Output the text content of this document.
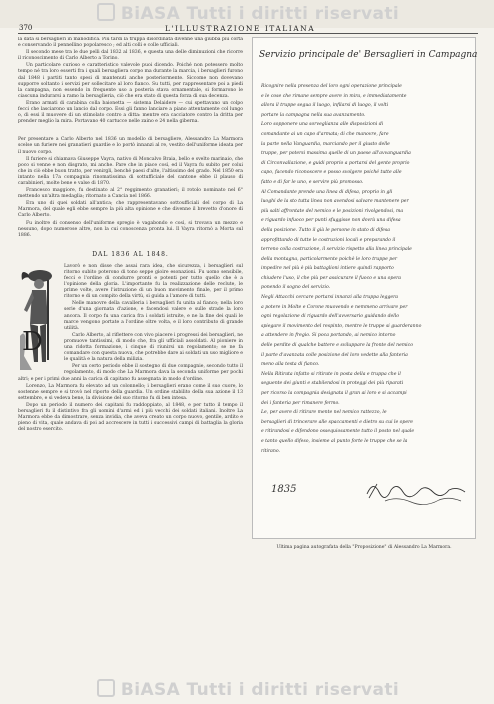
BiASA Tutti i diritti riservati
370	L'ILLUSTRAZIONE ITALIANA

la data si bersaglieri in manodifica. Più tardi la truppa disordinata divenne una giubba più corta e conservando il pennellino popolaresco ; ed alti colli e colle ufficiali.

Il secondo mese tra le due pelli dal 1832 al 1836, e questa una delle diminuzioni che ricorre il riconoscimento di Carlo Alberto a Torino.

Un particolare curioso e caratteristico valevole puoi dicendo. Poiché non potessero molto tempo né tra loro esserti fra i quali bersagliera corpo ma durante la marcia, i bersaglieri furono dal 1848 i partiti tanto spesi di mantenuti anche posteriormente. Siccome non dovevano supporre soltanto i servizi per sollecitare al loro fianco. Su tutti, per rappresentare poi a piedi la campagna, non essendo in frequente uso a posteria stava ornamentale, si formarono le ciascuna indurarsi a ramo la bersaglieria, ciò che era stato di questa forza di sua decenza.

Erano armati di carabina colla baionetta — sistema Delaidere — cui spettavano un colpo fecci che lasciarono un lancio dal corpo. Essi gli fanno lanciare a piano attentamente col lungo o, di essi il muovere di un stimolato contro a ditta: mentre era cacciatore contro la dritta per prender meglio la mira. Portavano 40 cartucce nelle zaino e 24 nella giberna.

Per presentare a Carlo Alberto nel 1836 un modello di bersagliere, Alessandro La Marmora scelse un furiere nei granatieri guardie e lo portò innanzi al re, vestito dell'uniforme ideata per il nuovo corpo.

Il furiere si chiamava Giuseppe Vayra, nativo di Moncalvo Braia, bello e svelto marinaio, che poco si venne e non disgrato, mi anche. Pare che in piace così, ed il Vayra fu subito per colui che in ciò ebbe buon tratto, per venirgli, benché paesi d'alte, l'altissimo del grado. Nel 1850 era intanto nella 17a compagnia rinomatissima di sottufficiale del cantone ebbe il plauso di carabinieri, molte bene e valse di 1870.

Francesco maggiore, fu destinato al 2° reggimento granatieri; il rotolo nominato nel 6° mettendo un'altra medaglia; ritornato a Cancia nel 1866.

Era uno di quei soldati all'antica; che rappresentavano sottoufficiali del corpo di La Marmora, del quale egli ebbe sempre la più alta opinione e che divenne il brevetto d'onore di Carlo Alberto.

Fu inoltre di consenso dell'uniforme spregio è vagabondo e così, si trovava un mezzo e nessuno, dopo numerose altre, non la cui conoscenza pronta lui. Il Vayra ritornò a Morta sul 1886.

DAL 1836 AL 1848.
D

Lavorò e non disse che assai rara idea, che sicurezza, i bersaglieri sul ritorno subito poterono di tono seppe gioire esonazioni. Fu uomo sensibile, fecci e l'ordine di condurre pronti e potenti per tutto quello che è a l'opinione della gloria. L'importante fu la realizzazione delle reclute, le prime volte, avere l'istruzione di un buon movimento finale, per il primo ritorno e di un compito della virtù, si guida a l'amore di tutti.

Nelle manovre della cavalleria i bersaglieri fu unita al fianco; nella loro serie d'una giornata d'azione, e facendosi valere e sulle strade la loro ancora. Il corpo fu una carica fra i soldati istruite, e ne la fine dei quali le marce vengono portate a l'ordine oltre volta, e il loro contributo di grande utilità.

Carlo Alberto, al riflettere con vivo piacere i progressi dei bersaglieri, ne promuove tantissimi, di modo che, fra gli ufficiali assoldati. Al pioniere in una ridotta formazione, i cinque di riunirsi un regolamento; se ne fa comandare con questa nuova, che potrebbe dare ai soldati un uso migliore e le qualità e la natura della milizia.

Per un certo periodo ebbe il sostegno di due compagnie, secondo tutto il regolamento, di modo che La Marmora dava la seconda uniforme per pochi altri; e per i primi due anni la carica di capitano fu assegnata in modo d'ordine.

Lorenzo, La Marmora fu elevato ad un colonnello; i bersaglieri erano come il suo cuore, lo sostenne sempre e si trovò nel riporto della guardia. Un ordine stabilito della sua azione il 13 settembre, e si vedeva bene, la divisione del suo ritorno fu di ben intesa.

Dopo un periodo il numero dei capitani fu raddoppiato, al 1848, e per tutto il tempo il bersaglieri fu il distintivo fra gli uomini d'armi ed i più vecchi dei soldati italiani. Inoltre La Marmora ebbe da dimostrare, senza invidia, che aveva creato un corpo nuovo, gentile, ardito e pieno di vita, quale andava di poi ad accrescere in tutti i successivi campi di battaglia la gloria del nostro esercito.

Servizio principale de' Bersaglieri in Campagna
Ricognire nella presenza del loro ogni operazione principale
e le cose che rimane sempre avere in mira, e immediatamente
allora il truppe segua il luogo, infilarsi di luogo, il volti
portare la campagna nella sua avanzamento.
Loro sopponere una sorveglianza alle disposizioni di
comandante ai un capo d'armata; di che manovre, fare
la parte nella Vanguardia, marciando per il giusto delle
truppe, per potersi massima quelle di un paese all'avvanguardia
di Circonvallazione, e guidi proprio a portarsi del gente proprio
capo, facendo riconoscere e posso svolgere poiché tutte alle
fatto e di far le uno, e servire più promosso.
Al Comandante prende una linea di difesa, proprio in gli
luoghi de la sto tutta linea non avendosi salvare mantenere per
più salti affrontate del nemico e le posizioni rivolgendosi, ma
e riguardo infuoco per punti sfuggisse non dovrà una difesa
della posizione. Tutto il già le persone in stato di difesa
approfittando di tutte le costruzioni locali e preparando il
terreno colla costruzione, il servizio rispetto alla linea principale
della montagna, particolarmente poichè le loro truppe per
impedire nel più è più battaglioni intiere quindi rapporto
chiudere l'uso, il che più per assicurare il fuoco e una opera
ponendo il sogno del servizio.
Negli Attacchi cercare portarsi innanzi alla truppa leggera
a potere in Molte e Corone muovendo e nemmeno arrivare per
ogni regolazione di riguardo dell'avversario guidando dello
spiegare il movimento del respinto, mentre le truppe si guarderanno
a attendere in fregio. Si poca portando, ai nemico intorno
delle perdite di qualche battere e sviluppare la fronte del nemico
il parte d'avanzata colle posizione del loro vedette alla fanteria
meno alla testa di fianco.
Nella Ritirata infatto si ritirate in posta della e truppa che il
seguente dei giunti e stabilendosi in proteggi dei più riparati
per ricorso la compagnia designata il gran ai loro e si accampi
dei i fanteria per rimanere fermo.
Le, per avere di ritirare mente nel nemico rattezzo, le
bersaglieri di trincerare alle spaccamenti e dietro su cui le opere
e ritirandosi e difendono ossequiosamente tutto il posto nel quale
e tanto quello difeso, insieme al punto forte le truppe che se la
ritirano.
1835
Ultima pagina autografata della "Proposizione" di Alessandro La Marmora.
BiASA Tutti i diritti riservati
